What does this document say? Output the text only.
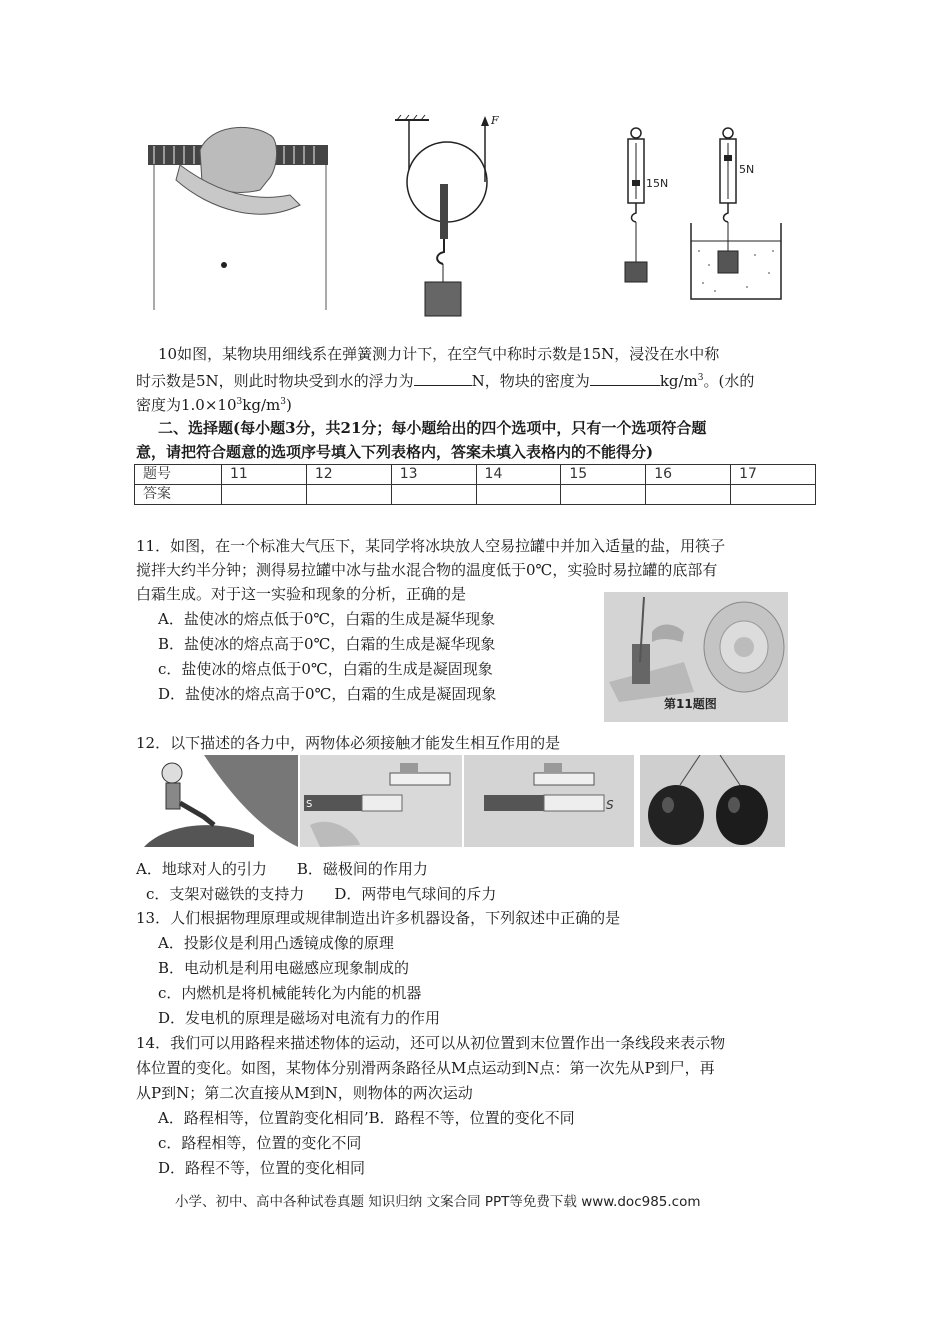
F
15N
5N
10如图，某物块用细线系在弹簧测力计下，在空气中称时示数是15N，浸没在水中称
时示数是5N，则此时物块受到水的浮力为	N，物块的密度为	$kg/m^3$。(水的
密度为$1.0\times 10^3kg/m^3$)
二、选择题(每小题3分，共21分；每小题给出的四个选项中，只有一个选项符合题
意，请把符合题意的选项序号填入下列表格内，答案未填入表格内的不能得分)
题号	11	12	13	14	15	16	17
答案							
11．如图，在一个标准大气压下，某同学将冰块放人空易拉罐中并加入适量的盐，用筷子
搅拌大约半分钟；测得易拉罐中冰与盐水混合物的温度低于0℃，实验时易拉罐的底部有
白霜生成。对于这一实验和现象的分析，正确的是
A．盐使冰的熔点低于0℃，白霜的生成是凝华现象
B．盐使冰的熔点高于0℃，白霜的生成是凝华现象
c．盐使冰的熔点低于0℃，白霜的生成是凝固现象
D．盐使冰的熔点高于0℃，白霜的生成是凝固现象
第11题图
12．以下描述的各力中，两物体必须接触才能发生相互作用的是
S	S
A．地球对人的引力　　B．磁极间的作用力
c．支架对磁铁的支持力　　D．两带电气球间的斥力
13．人们根据物理原理或规律制造出许多机器设备，下列叙述中正确的是
A．投影仪是利用凸透镜成像的原理
B．电动机是利用电磁感应现象制成的
c．内燃机是将机械能转化为内能的机器
D．发电机的原理是磁场对电流有力的作用
14．我们可以用路程来描述物体的运动，还可以从初位置到末位置作出一条线段来表示物
体位置的变化。如图，某物体分别滑两条路径从M点运动到N点：第一次先从P到尸，再
从P到N；第二次直接从M到N，则物体的两次运动
A．路程相等，位置韵变化相同’B．路程不等，位置的变化不同
c．路程相等，位置的变化不同
D．路程不等，位置的变化相同
小学、初中、高中各种试卷真题 知识归纳 文案合同 PPT等免费下载 www.doc985.com
